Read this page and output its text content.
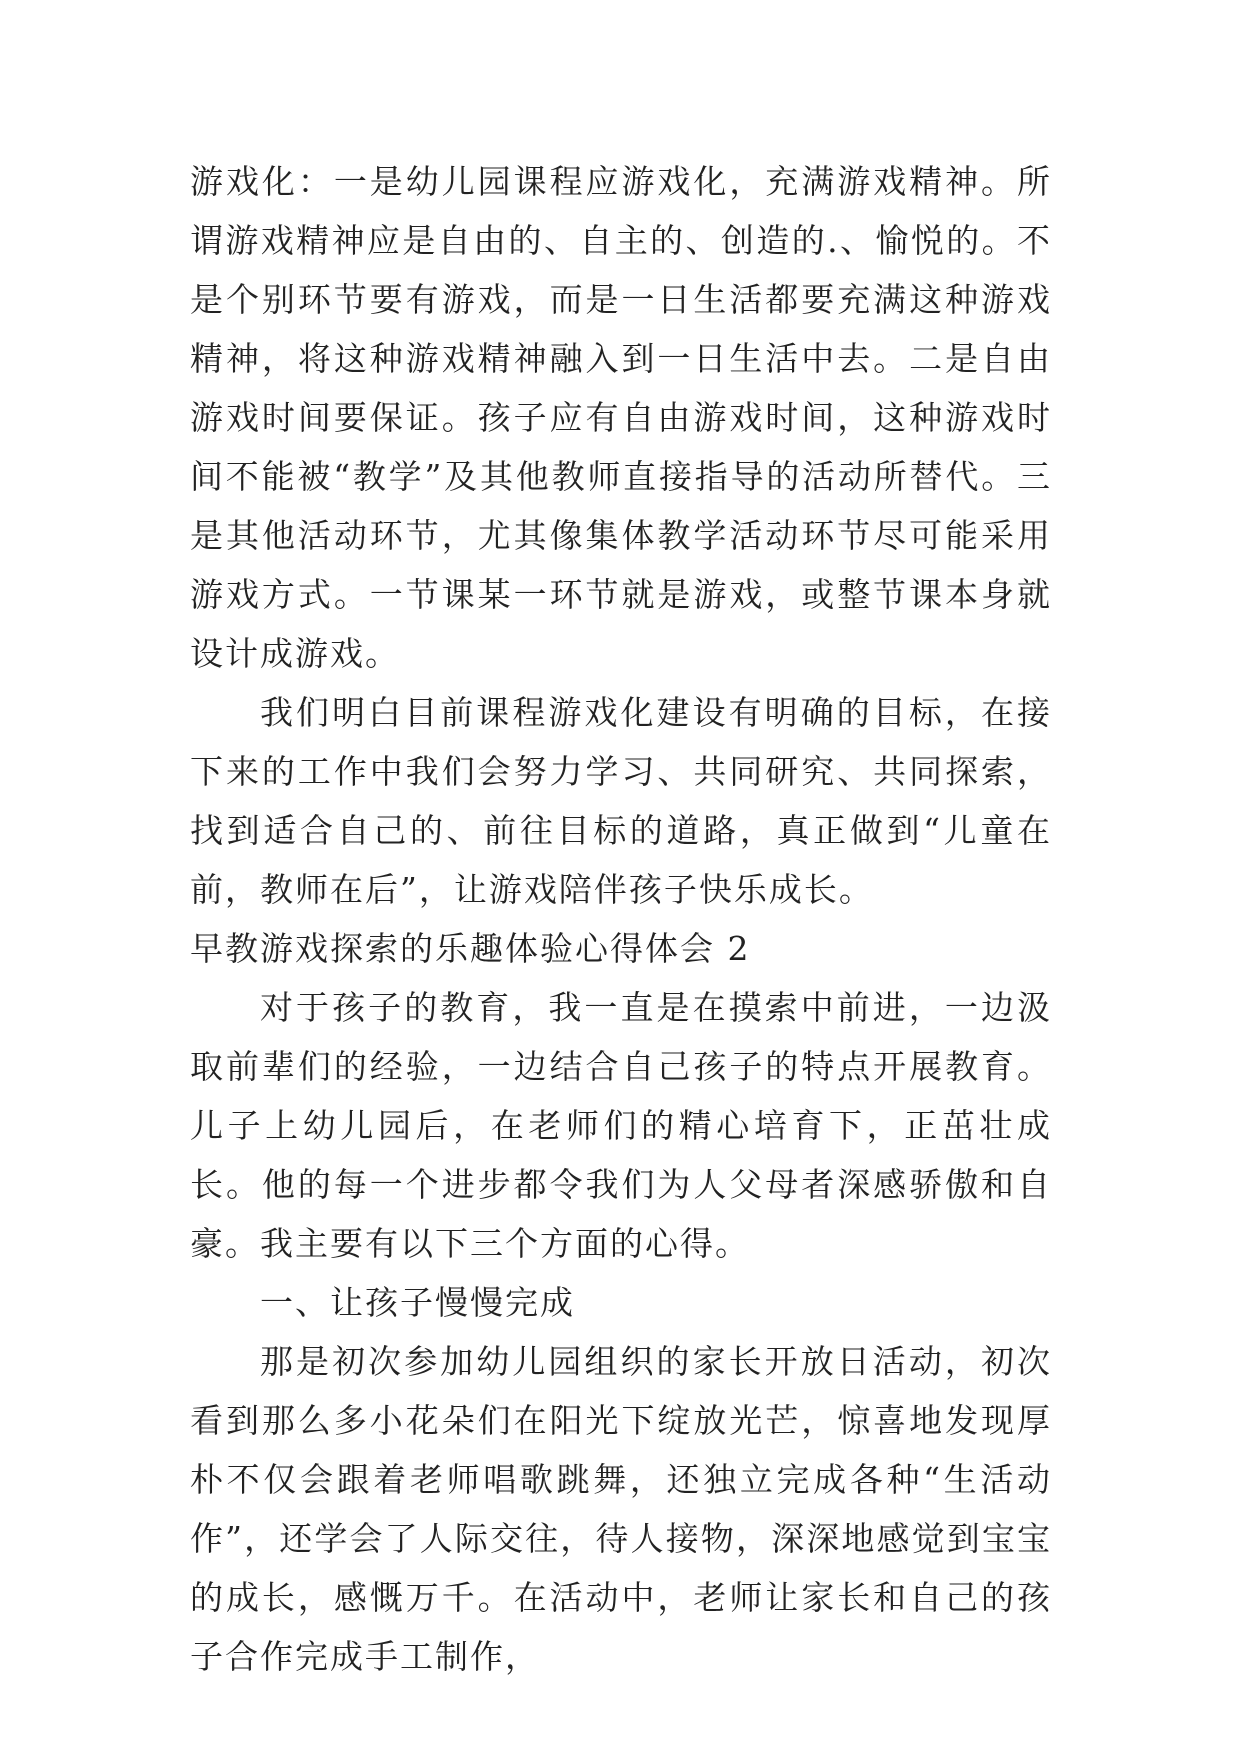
游戏化：一是幼儿园课程应游戏化，充满游戏精神。所谓游戏精神应是自由的、自主的、创造的.、愉悦的。不是个别环节要有游戏，而是一日生活都要充满这种游戏精神，将这种游戏精神融入到一日生活中去。二是自由游戏时间要保证。孩子应有自由游戏时间，这种游戏时间不能被“教学”及其他教师直接指导的活动所替代。三是其他活动环节，尤其像集体教学活动环节尽可能采用游戏方式。一节课某一环节就是游戏，或整节课本身就设计成游戏。

我们明白目前课程游戏化建设有明确的目标，在接下来的工作中我们会努力学习、共同研究、共同探索，找到适合自己的、前往目标的道路，真正做到“儿童在前，教师在后”，让游戏陪伴孩子快乐成长。

早教游戏探索的乐趣体验心得体会 2

对于孩子的教育，我一直是在摸索中前进，一边汲取前辈们的经验，一边结合自己孩子的特点开展教育。儿子上幼儿园后，在老师们的精心培育下，正茁壮成长。他的每一个进步都令我们为人父母者深感骄傲和自豪。我主要有以下三个方面的心得。

一、让孩子慢慢完成

那是初次参加幼儿园组织的家长开放日活动，初次看到那么多小花朵们在阳光下绽放光芒，惊喜地发现厚朴不仅会跟着老师唱歌跳舞，还独立完成各种“生活动作”，还学会了人际交往，待人接物，深深地感觉到宝宝的成长，感慨万千。在活动中，老师让家长和自己的孩子合作完成手工制作，
